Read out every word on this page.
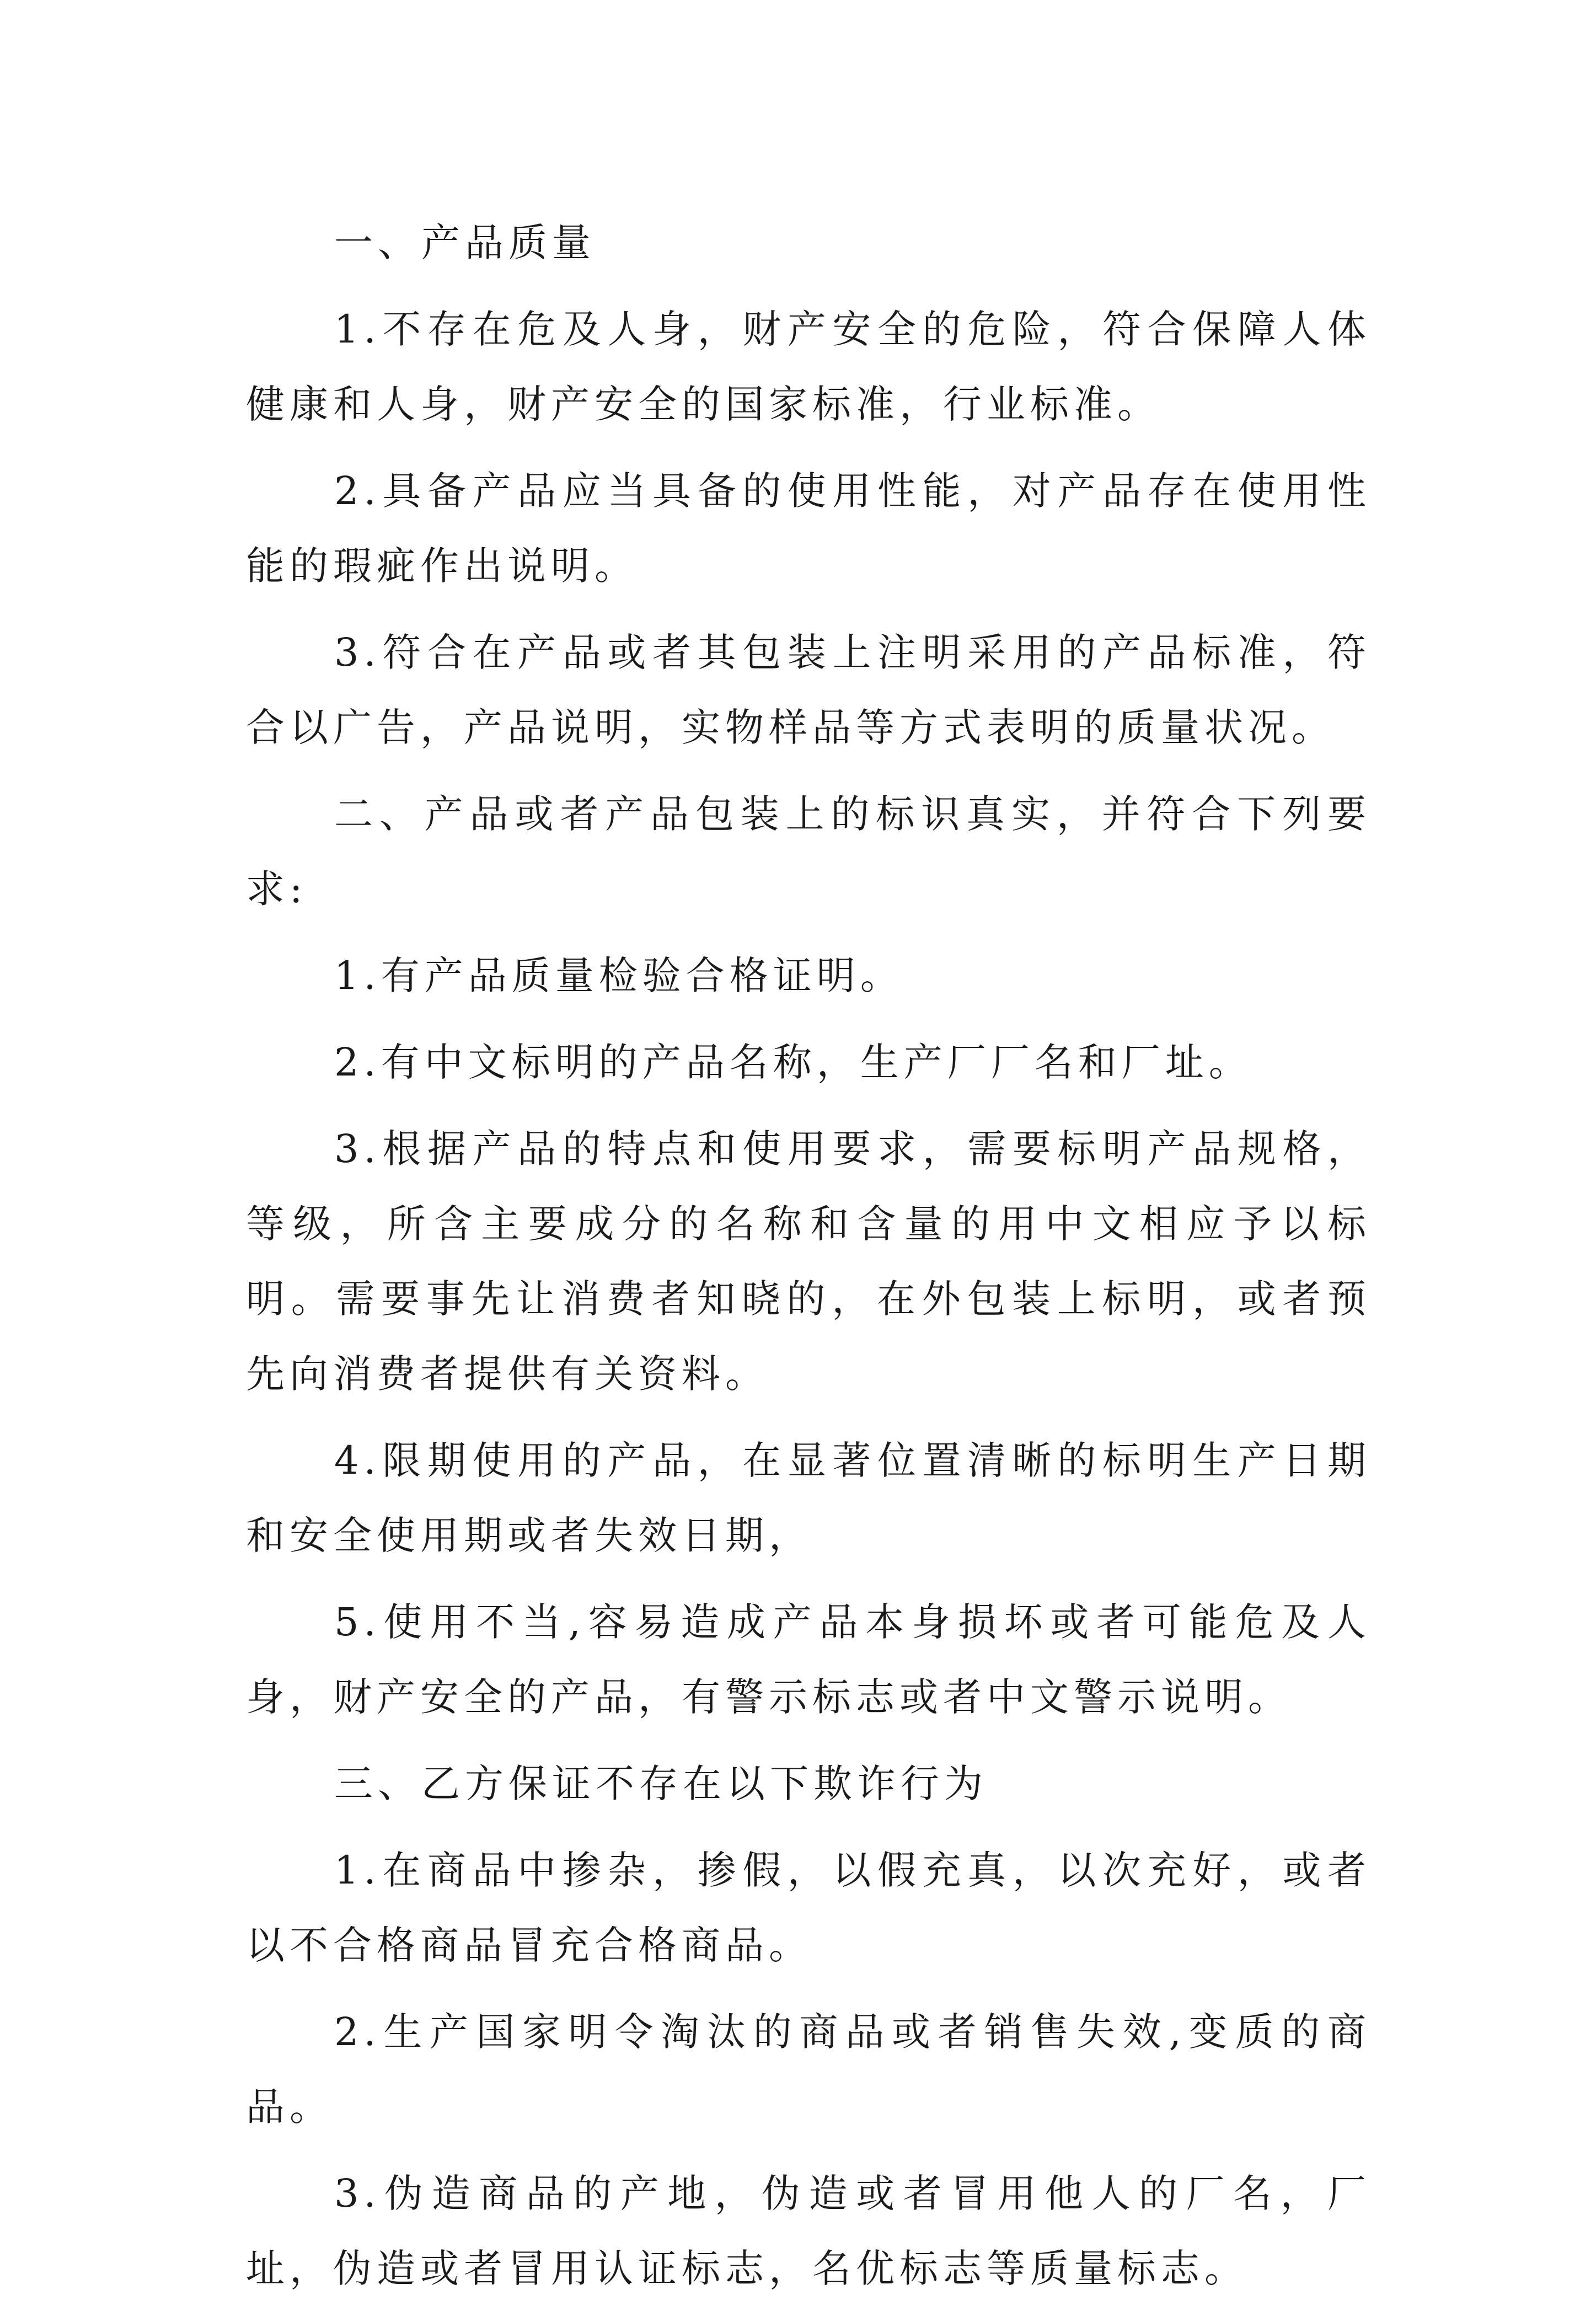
一、产品质量

1.不存在危及人身，财产安全的危险，符合保障人体健康和人身，财产安全的国家标准，行业标准。

2.具备产品应当具备的使用性能，对产品存在使用性能的瑕疵作出说明。

3.符合在产品或者其包装上注明采用的产品标准，符合以广告，产品说明，实物样品等方式表明的质量状况。

二、产品或者产品包装上的标识真实，并符合下列要求:

1.有产品质量检验合格证明。

2.有中文标明的产品名称，生产厂厂名和厂址。

3.根据产品的特点和使用要求，需要标明产品规格，等级，所含主要成分的名称和含量的用中文相应予以标明。需要事先让消费者知晓的，在外包装上标明，或者预先向消费者提供有关资料。

4.限期使用的产品，在显著位置清晰的标明生产日期和安全使用期或者失效日期，

5.使用不当,容易造成产品本身损坏或者可能危及人身，财产安全的产品，有警示标志或者中文警示说明。

三、乙方保证不存在以下欺诈行为

1.在商品中掺杂，掺假，以假充真，以次充好，或者以不合格商品冒充合格商品。

2.生产国家明令淘汰的商品或者销售失效,变质的商品。

3.伪造商品的产地，伪造或者冒用他人的厂名，厂址，伪造或者冒用认证标志，名优标志等质量标志。
